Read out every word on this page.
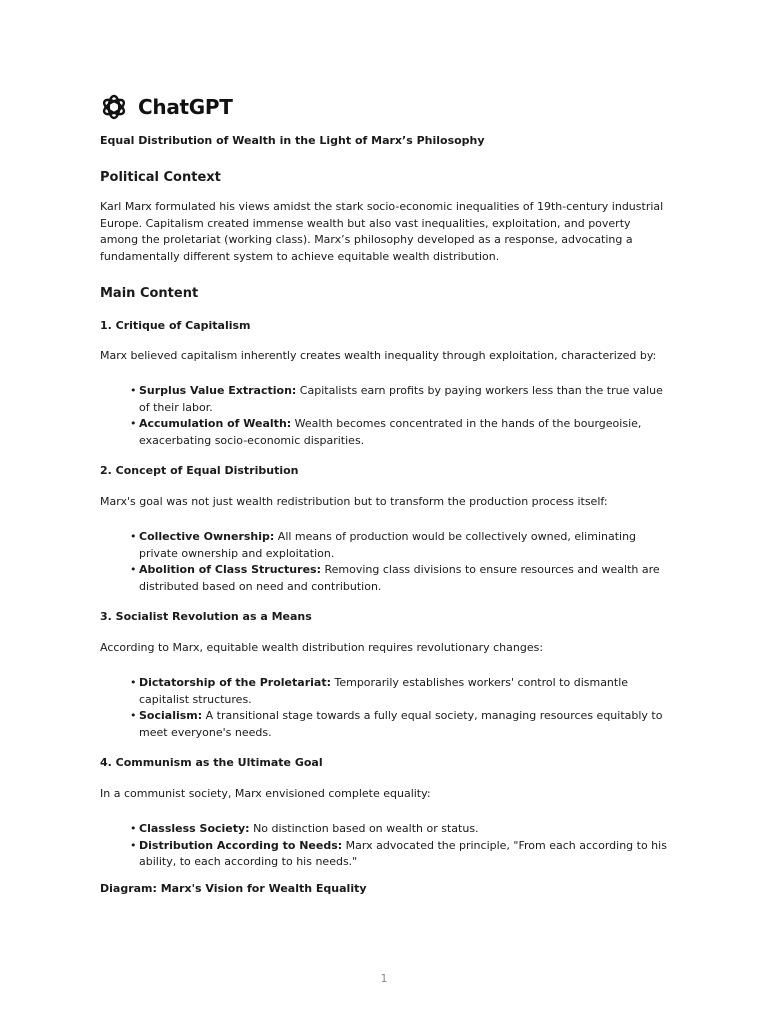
ChatGPT
Equal Distribution of Wealth in the Light of Marx’s Philosophy
Political Context
Karl Marx formulated his views amidst the stark socio-economic inequalities of 19th-century industrial Europe. Capitalism created immense wealth but also vast inequalities, exploitation, and poverty among the proletariat (working class). Marx’s philosophy developed as a response, advocating a fundamentally different system to achieve equitable wealth distribution.
Main Content
1. Critique of Capitalism
Marx believed capitalism inherently creates wealth inequality through exploitation, characterized by:
• Surplus Value Extraction: Capitalists earn profits by paying workers less than the true value of their labor.
• Accumulation of Wealth: Wealth becomes concentrated in the hands of the bourgeoisie, exacerbating socio-economic disparities.
2. Concept of Equal Distribution
Marx's goal was not just wealth redistribution but to transform the production process itself:
• Collective Ownership: All means of production would be collectively owned, eliminating private ownership and exploitation.
• Abolition of Class Structures: Removing class divisions to ensure resources and wealth are distributed based on need and contribution.
3. Socialist Revolution as a Means
According to Marx, equitable wealth distribution requires revolutionary changes:
• Dictatorship of the Proletariat: Temporarily establishes workers' control to dismantle capitalist structures.
• Socialism: A transitional stage towards a fully equal society, managing resources equitably to meet everyone's needs.
4. Communism as the Ultimate Goal
In a communist society, Marx envisioned complete equality:
• Classless Society: No distinction based on wealth or status.
• Distribution According to Needs: Marx advocated the principle, "From each according to his ability, to each according to his needs."
Diagram: Marx's Vision for Wealth Equality
1
